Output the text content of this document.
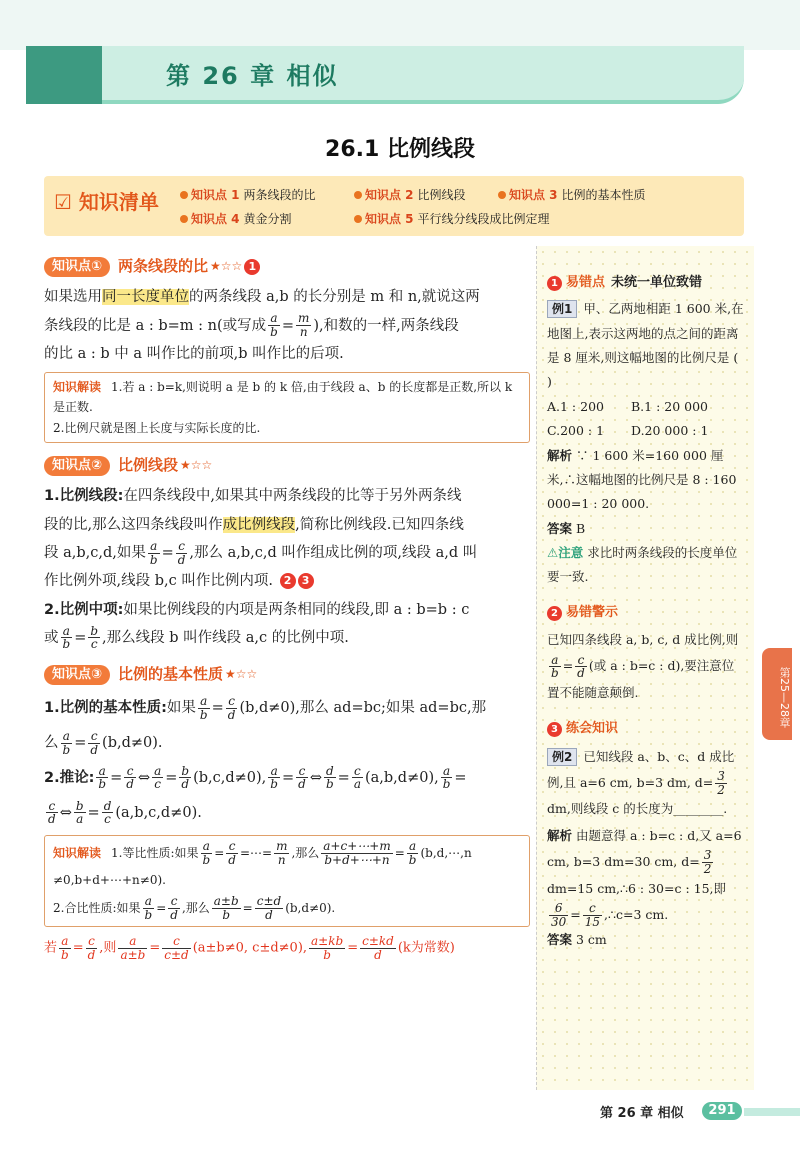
第 26 章 相似
26.1 比例线段
☑ 知识清单	知识点 1 两条线段的比	知识点 2 比例线段	知识点 3 比例的基本性质
知识点 4 黄金分割	知识点 5 平行线分线段成比例定理
知识点①	两条线段的比 ★☆☆ 1
如果选用同一长度单位的两条线段 a,b 的长分别是 m 和 n,就说这两
条线段的比是 a : b=m : n(或写成 $\frac{a}{b} = \frac{m}{n}$ ),和数的一样,两条线段
的比 a : b 中 a 叫作比的前项,b 叫作比的后项.
知识解读 1.若 a : b=k,则说明 a 是 b 的 k 倍,由于线段 a、b 的长度都是正数,所以 k 是正数.
2.比例尺就是图上长度与实际长度的比.
知识点②	比例线段 ★☆☆
1.比例线段:在四条线段中,如果其中两条线段的比等于另外两条线
段的比,那么这四条线段叫作成比例线段,简称比例线段.已知四条线
段 a,b,c,d,如果 $\frac{a}{b} = \frac{c}{d}$ ,那么 a,b,c,d 叫作组成比例的项,线段 a,d 叫
作比例外项,线段 b,c 叫作比例内项. 2 3
2.比例中项:如果比例线段的内项是两条相同的线段,即 a : b=b : c
或 $\frac{a}{b} = \frac{b}{c}$ ,那么线段 b 叫作线段 a,c 的比例中项.
知识点③	比例的基本性质 ★☆☆
1.比例的基本性质:如果 $\frac{a}{b} = \frac{c}{d} (b,d\ne 0)$,那么 ad=bc;如果 ad=bc,那
么 $\frac{a}{b} = \frac{c}{d} (b,d\ne 0)$.
2.推论: $\frac{a}{b} = \frac{c}{d}$ ⇔ $\frac{a}{c} = \frac{b}{d} (b,c,d\ne 0)$, $\frac{a}{b} = \frac{c}{d}$ ⇔ $\frac{d}{b} = \frac{c}{a} (a,b,d\ne 0)$, $\frac{a}{b}$ =

$\frac{c}{d}$ ⇔ $\frac{b}{a} = \frac{d}{c} (a,b,c,d\ne 0)$.
知识解读 1.等比性质:如果 $\frac{a}{b} = \frac{c}{d}$ =⋯= $\frac{m}{n}$ ,那么 $\frac{a+c+\cdots+m}{b+d+\cdots+n} = \frac{a}{b}$ (b,d,⋯,n
≠0,b+d+⋯+n≠0).
2.合比性质:如果 $\frac{a}{b} = \frac{c}{d}$ ,那么 $\frac{a\pm b}{b} = \frac{c\pm d}{d} (b,d\ne 0)$.
若 $\frac{a}{b} = \frac{c}{d}$ ,则 $\frac{a}{a\pm b} = \frac{c}{c\pm d} (a\pm b\ne 0$, c±d≠0), $\frac{a\pm kb}{b} = \frac{c\pm kd}{d} (k$为常数)
1 易错点 未统一单位致错
例1 甲、乙两地相距 1 600 米,在地图上,表示这两地的点之间的距离是 8 厘米,则这幅地图的比例尺是 ( )
A.1 : 200	B.1 : 20 000
C.200 : 1	D.20 000 : 1
解析 ∵ 1 600 米=160 000 厘米,∴这幅地图的比例尺是 8 : 160 000=1 : 20 000.
答案 B
⚠注意 求比时两条线段的长度单位要一致.
2 易错警示
已知四条线段 a, b, c, d 成比例,则
$\frac{a}{b} = \frac{c}{d}$ (或 a : b=c : d),要注意位置不能随意颠倒.
3 练会知识
例2 已知线段 a、b、c、d 成比例,且 a=6 cm, b=3 dm, $d= \frac{3}{2}$
dm,则线段 c 的长度为________.
解析 由题意得 a : b=c : d,又 a=6 cm, b=3 dm=30 cm, $d= \frac{3}{2}$
dm=15 cm,∴6 : 30=c : 15,即
$\frac{6}{30} = \frac{c}{15}$ ,∴c=3 cm.
答案 3 cm
第25—28章
第 26 章 相似	291
